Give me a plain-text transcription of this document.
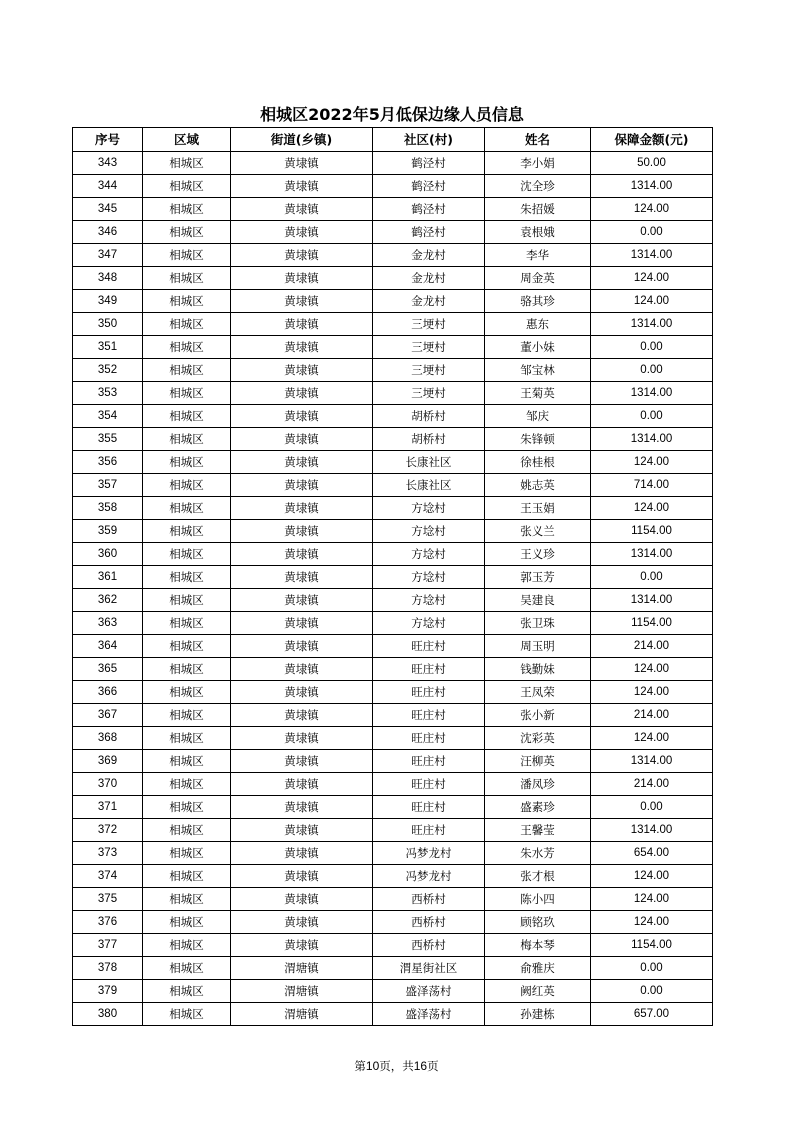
相城区2022年5月低保边缘人员信息
序号	区域	街道(乡镇)	社区(村)	姓名	保障金额(元)
343	相城区	黄埭镇	鹤泾村	李小娟	50.00
344	相城区	黄埭镇	鹤泾村	沈全珍	1314.00
345	相城区	黄埭镇	鹤泾村	朱招媛	124.00
346	相城区	黄埭镇	鹤泾村	袁根娥	0.00
347	相城区	黄埭镇	金龙村	李华	1314.00
348	相城区	黄埭镇	金龙村	周金英	124.00
349	相城区	黄埭镇	金龙村	骆其珍	124.00
350	相城区	黄埭镇	三埂村	惠东	1314.00
351	相城区	黄埭镇	三埂村	董小妹	0.00
352	相城区	黄埭镇	三埂村	邹宝林	0.00
353	相城区	黄埭镇	三埂村	王菊英	1314.00
354	相城区	黄埭镇	胡桥村	邹庆	0.00
355	相城区	黄埭镇	胡桥村	朱锋顿	1314.00
356	相城区	黄埭镇	长康社区	徐桂根	124.00
357	相城区	黄埭镇	长康社区	姚志英	714.00
358	相城区	黄埭镇	方埝村	王玉娟	124.00
359	相城区	黄埭镇	方埝村	张义兰	1154.00
360	相城区	黄埭镇	方埝村	王义珍	1314.00
361	相城区	黄埭镇	方埝村	郭玉芳	0.00
362	相城区	黄埭镇	方埝村	吴建良	1314.00
363	相城区	黄埭镇	方埝村	张卫珠	1154.00
364	相城区	黄埭镇	旺庄村	周玉明	214.00
365	相城区	黄埭镇	旺庄村	钱勤妹	124.00
366	相城区	黄埭镇	旺庄村	王凤荣	124.00
367	相城区	黄埭镇	旺庄村	张小新	214.00
368	相城区	黄埭镇	旺庄村	沈彩英	124.00
369	相城区	黄埭镇	旺庄村	汪柳英	1314.00
370	相城区	黄埭镇	旺庄村	潘凤珍	214.00
371	相城区	黄埭镇	旺庄村	盛素珍	0.00
372	相城区	黄埭镇	旺庄村	王馨莹	1314.00
373	相城区	黄埭镇	冯梦龙村	朱水芳	654.00
374	相城区	黄埭镇	冯梦龙村	张才根	124.00
375	相城区	黄埭镇	西桥村	陈小四	124.00
376	相城区	黄埭镇	西桥村	顾铭玖	124.00
377	相城区	黄埭镇	西桥村	梅本琴	1154.00
378	相城区	渭塘镇	渭星街社区	俞雅庆	0.00
379	相城区	渭塘镇	盛泽荡村	阙红英	0.00
380	相城区	渭塘镇	盛泽荡村	孙建栋	657.00
第10页，共16页
